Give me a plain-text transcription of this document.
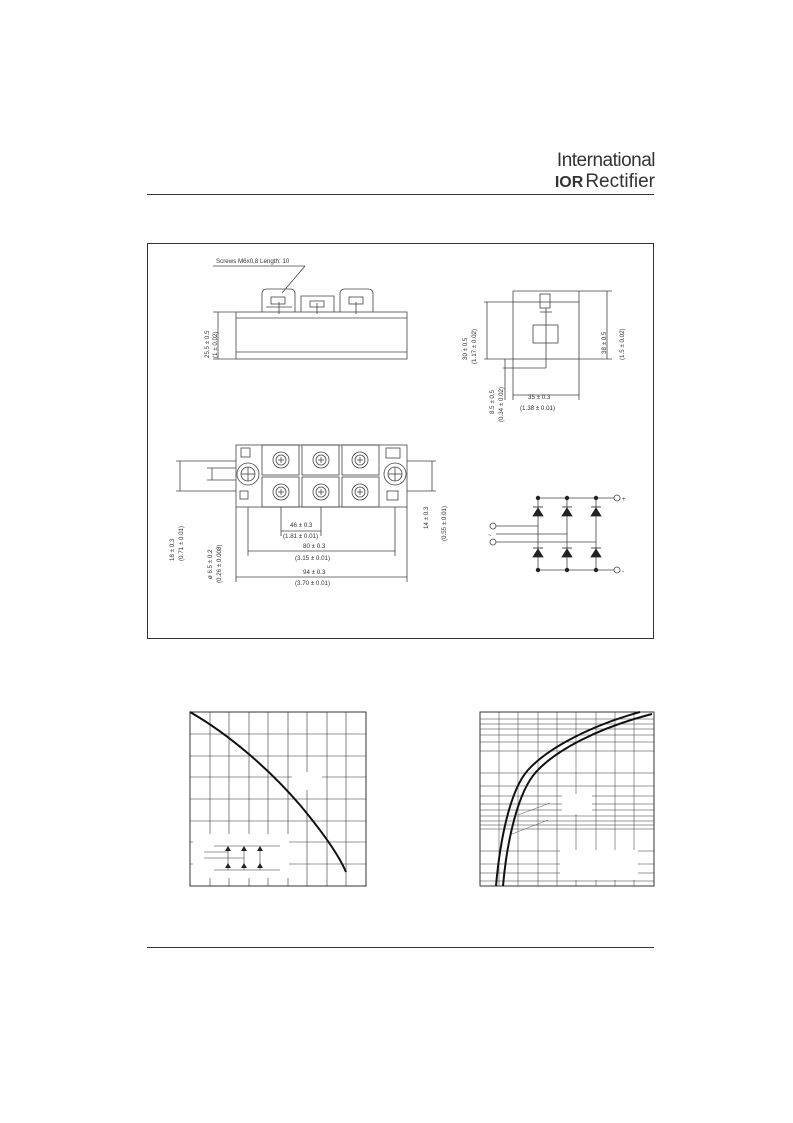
International
IOR Rectifier
Screws M6x0,8 Length: 10
25.5 ± 0.5 (1 ± 0.02)	30 ± 0.5 (1.17 ± 0.02)	38 ± 0.5 (1.5 ± 0.02)
35 ± 0.3
(1.38 ± 0.01)
8.5 ± 0.5 (0.34 ± 0.02)
46 ± 0.3
(1.81 ± 0.01)
80 ± 0.3
(3.15 ± 0.01)
94 ± 0.3
(3.70 ± 0.01)
18 ± 0.3 (0.71 ± 0.01)
ø 6.5 ± 0.2 (0.26 ± 0.008)
14 ± 0.3 (0.55 ± 0.01)	~
+
-
